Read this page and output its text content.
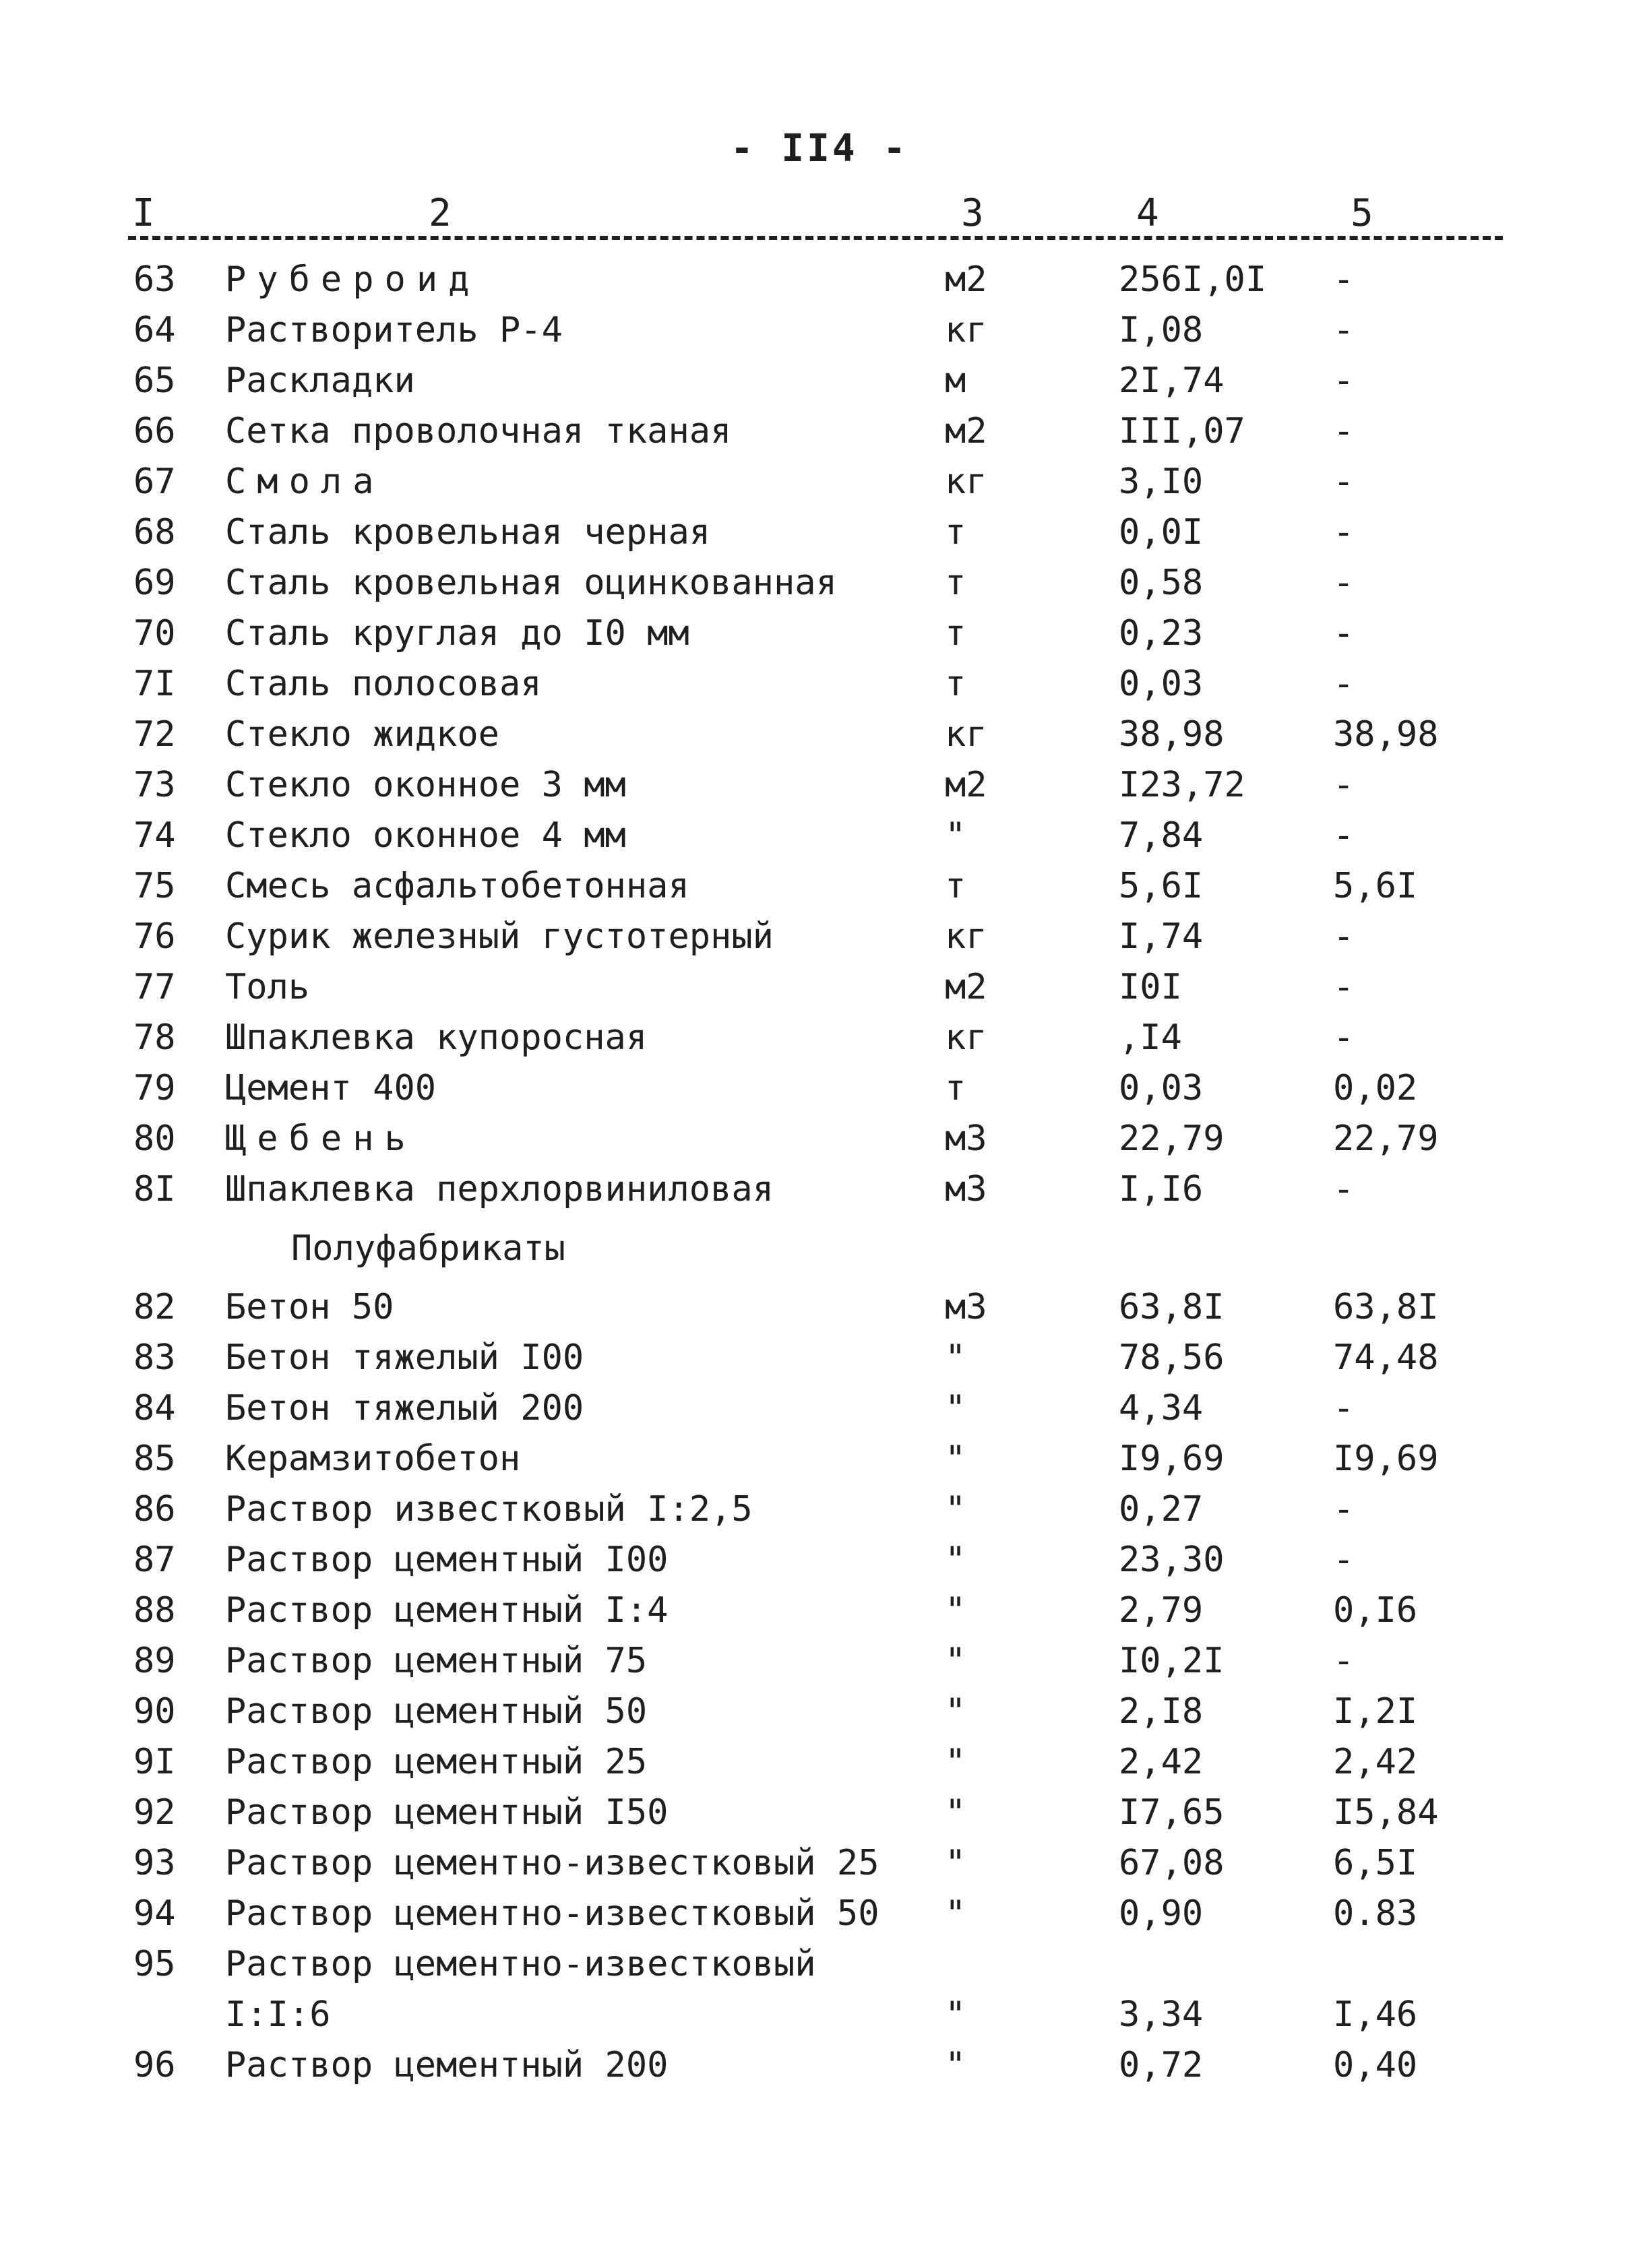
- II4 -
I	2	3	4	5
63 Рубероид	м2	256I,0I -
64 Растворитель Р-4	кг	I,08	-
65 Раскладки	м	2I,74	-
66 Сетка проволочная тканая	м2	III,07	-
67 Смола	кг	3,I0	-
68 Сталь кровельная черная	т	0,0I	-
69 Сталь кровельная оцинкованная	т	0,58	-
70 Сталь круглая до I0 мм	т	0,23	-
7I Сталь полосовая	т	0,03	-
72 Стекло жидкое	кг	38,98	38,98
73 Стекло оконное 3 мм	м2	I23,72	-
74 Стекло оконное 4 мм	"	7,84	-
75 Смесь асфальтобетонная	т	5,6I	5,6I
76 Сурик железный густотерный	кг	I,74	-
77 Толь	м2	I0I	-
78 Шпаклевка купоросная	кг	,I4	-
79 Цемент 400	т	0,03	0,02
80 Щебень	м3	22,79	22,79
8I Шпаклевка перхлорвиниловая	м3	I,I6	-
Полуфабрикаты
82 Бетон 50	м3	63,8I	63,8I
83 Бетон тяжелый I00	"	78,56	74,48
84 Бетон тяжелый 200	"	4,34	-
85 Керамзитобетон	"	I9,69	I9,69
86 Раствор известковый I:2,5	"	0,27	-
87 Раствор цементный I00	"	23,30	-
88 Раствор цементный I:4	"	2,79	0,I6
89 Раствор цементный 75	"	I0,2I	-
90 Раствор цементный 50	"	2,I8	I,2I
9I Раствор цементный 25	"	2,42	2,42
92 Раствор цементный I50	"	I7,65	I5,84
93 Раствор цементно-известковый 25 "	67,08	6,5I
94 Раствор цементно-известковый 50 "	0,90	0.83
95 Раствор цементно-известковый
I:I:6	"	3,34	I,46
96 Раствор цементный 200	"	0,72	0,40
